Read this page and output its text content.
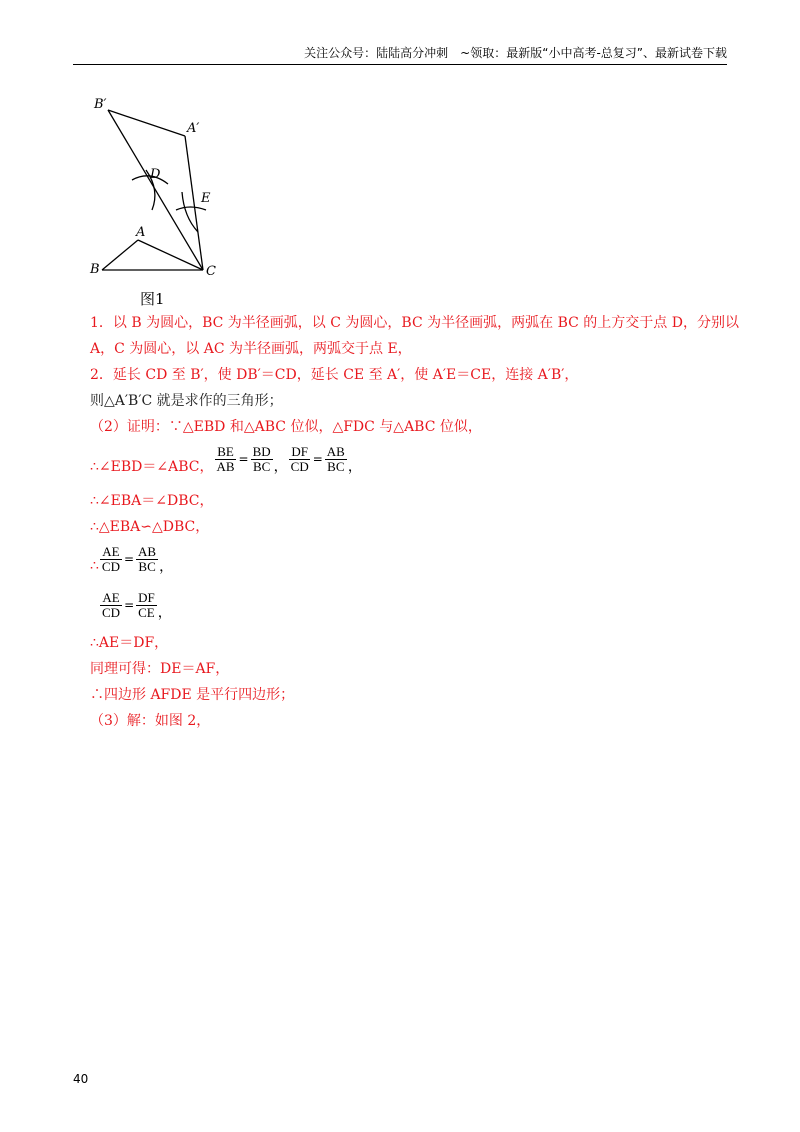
关注公众号：陆陆高分冲刺　~领取：最新版“小中高考-总复习”、最新试卷下载
B′
A′
D
E
A
B	C
图1
1．以 B 为圆心，BC 为半径画弧，以 C 为圆心，BC 为半径画弧，两弧在 BC 的上方交于点 D，分别以
A，C 为圆心，以 AC 为半径画弧，两弧交于点 E，
2．延长 CD 至 B′，使 DB′＝CD，延长 CE 至 A′，使 A′E＝CE，连接 A′B′，
则△A′B′C 就是求作的三角形；
（2）证明：∵△EBD 和△ABC 位似，△FDC 与△ABC 位似，
∴∠EBD＝∠ABC， $\frac{BE}{AB} = \frac{BD}{BC}$ ， $\frac{DF}{CD} = \frac{AB}{BC}$ ，
∴∠EBA＝∠DBC，
∴△EBA∽△DBC，
∴ $\frac{AE}{CD} = \frac{AB}{BC}$ ，
$\frac{AE}{CD} = \frac{DF}{CE}$ ，
∴AE＝DF，
同理可得：DE＝AF，
∴四边形 AFDE 是平行四边形；
（3）解：如图 2，
40
